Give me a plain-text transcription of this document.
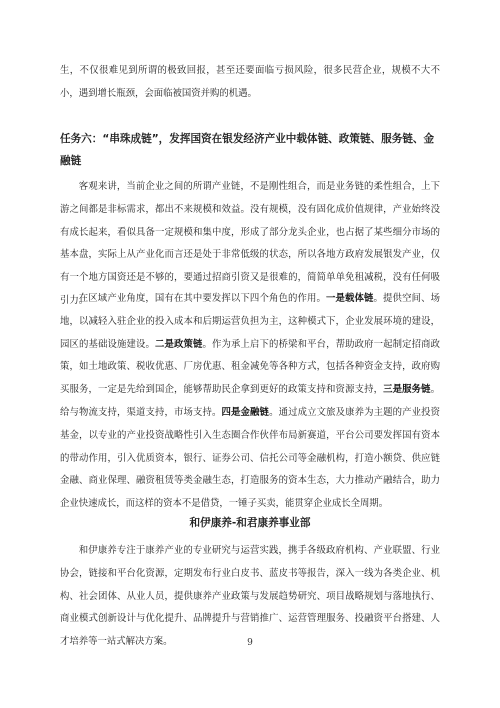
生，不仅很难见到所谓的极致回报，甚至还要面临亏损风险，很多民营企业，规模不大不小，遇到增长瓶颈，会面临被国资并购的机遇。

任务六：“串珠成链”，发挥国资在银发经济产业中载体链、政策链、服务链、金融链

客观来讲，当前企业之间的所谓产业链，不是刚性组合，而是业务链的柔性组合，上下游之间都是非标需求，都出不来规模和效益。没有规模，没有固化成价值规律，产业始终没有成长起来，看似具备一定规模和集中度，形成了部分龙头企业，也占据了某些细分市场的基本盘，实际上从产业化而言还是处于非常低级的状态，所以各地方政府发展银发产业，仅有一个地方国资还是不够的，要通过招商引资又是很难的，简简单单免租减税，没有任何吸引力。

在区域产业角度，国有在其中要发挥以下四个角色的作用。一是载体链。提供空间、场地，以减轻入驻企业的投入成本和后期运营负担为主，这种模式下，企业发展环境的建设，园区的基础设施建设。二是政策链。作为承上启下的桥梁和平台，帮助政府一起制定招商政策，如土地政策、税收优惠、厂房优惠、租金减免等各种方式，包括各种资金支持，政府购买服务，一定是先给到国企，能够帮助民企拿到更好的政策支持和资源支持，三是服务链。给与物流支持，渠道支持，市场支持。四是金融链。通过成立文旅及康养为主题的产业投资基金，以专业的产业投资战略性引入生态圈合作伙伴布局新赛道，平台公司要发挥国有资本的带动作用，引入优质资本，银行、证券公司、信托公司等金融机构，打造小额贷、供应链金融、商业保理、融资租赁等类金融生态，打造服务的资本生态，大力推动产融结合，助力企业快速成长，而这样的资本不是借贷，一锤子买卖，能贯穿企业成长全周期。

和伊康养-和君康养事业部

和伊康养专注于康养产业的专业研究与运营实践，携手各级政府机构、产业联盟、行业协会，链接和平台化资源，定期发布行业白皮书、蓝皮书等报告，深入一线为各类企业、机构、社会团体、从业人员，提供康养产业政策与发展趋势研究、项目战略规划与落地执行、商业模式创新设计与优化提升、品牌提升与营销推广、运营管理服务、投融资平台搭建、人才培养等一站式解决方案。	9
